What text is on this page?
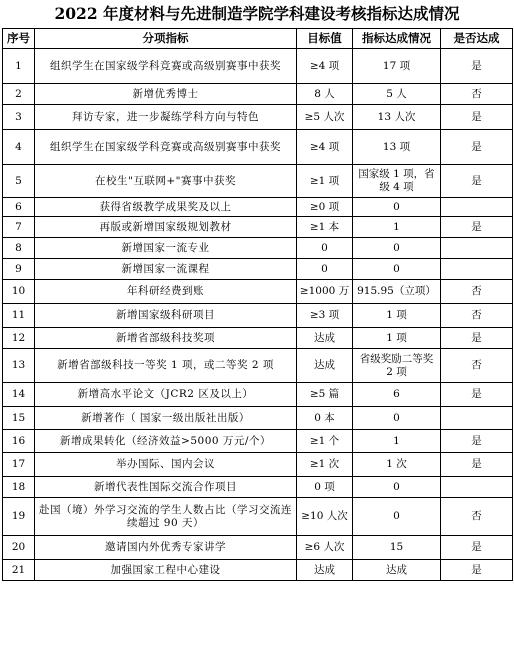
2022 年度材料与先进制造学院学科建设考核指标达成情况
序号	分项指标	目标值	指标达成情况	是否达成
1	组织学生在国家级学科竞赛或高级别赛事中获奖	≥4 项	17 项	是
2	新增优秀博士	8 人	5 人	否
3	拜访专家，进一步凝练学科方向与特色	≥5 人次	13 人次	是
4	组织学生在国家级学科竞赛或高级别赛事中获奖	≥4 项	13 项	是
5	在校生"互联网+"赛事中获奖	≥1 项	国家级 1 项，省级 4 项	是
6	获得省级教学成果奖及以上	≥0 项	0	
7	再版或新增国家级规划教材	≥1 本	1	是
8	新增国家一流专业	0	0	
9	新增国家一流课程	0	0	
10	年科研经费到账	≥1000 万	915.95（立项）	否
11	新增国家级科研项目	≥3 项	1 项	否
12	新增省部级科技奖项	达成	1 项	是
13	新增省部级科技一等奖 1 项，或二等奖 2 项	达成	省级奖励二等奖 2 项	否
14	新增高水平论文（JCR2 区及以上）	≥5 篇	6	是
15	新增著作（ 国家一级出版社出版）	0 本	0	
16	新增成果转化（经济效益>5000 万元/个）	≥1 个	1	是
17	举办国际、国内会议	≥1 次	1 次	是
18	新增代表性国际交流合作项目	0 项	0	
19	赴国（境）外学习交流的学生人数占比（学习交流连续超过 90 天）	≥10 人次	0	否
20	邀请国内外优秀专家讲学	≥6 人次	15	是
21	加强国家工程中心建设	达成	达成	是
